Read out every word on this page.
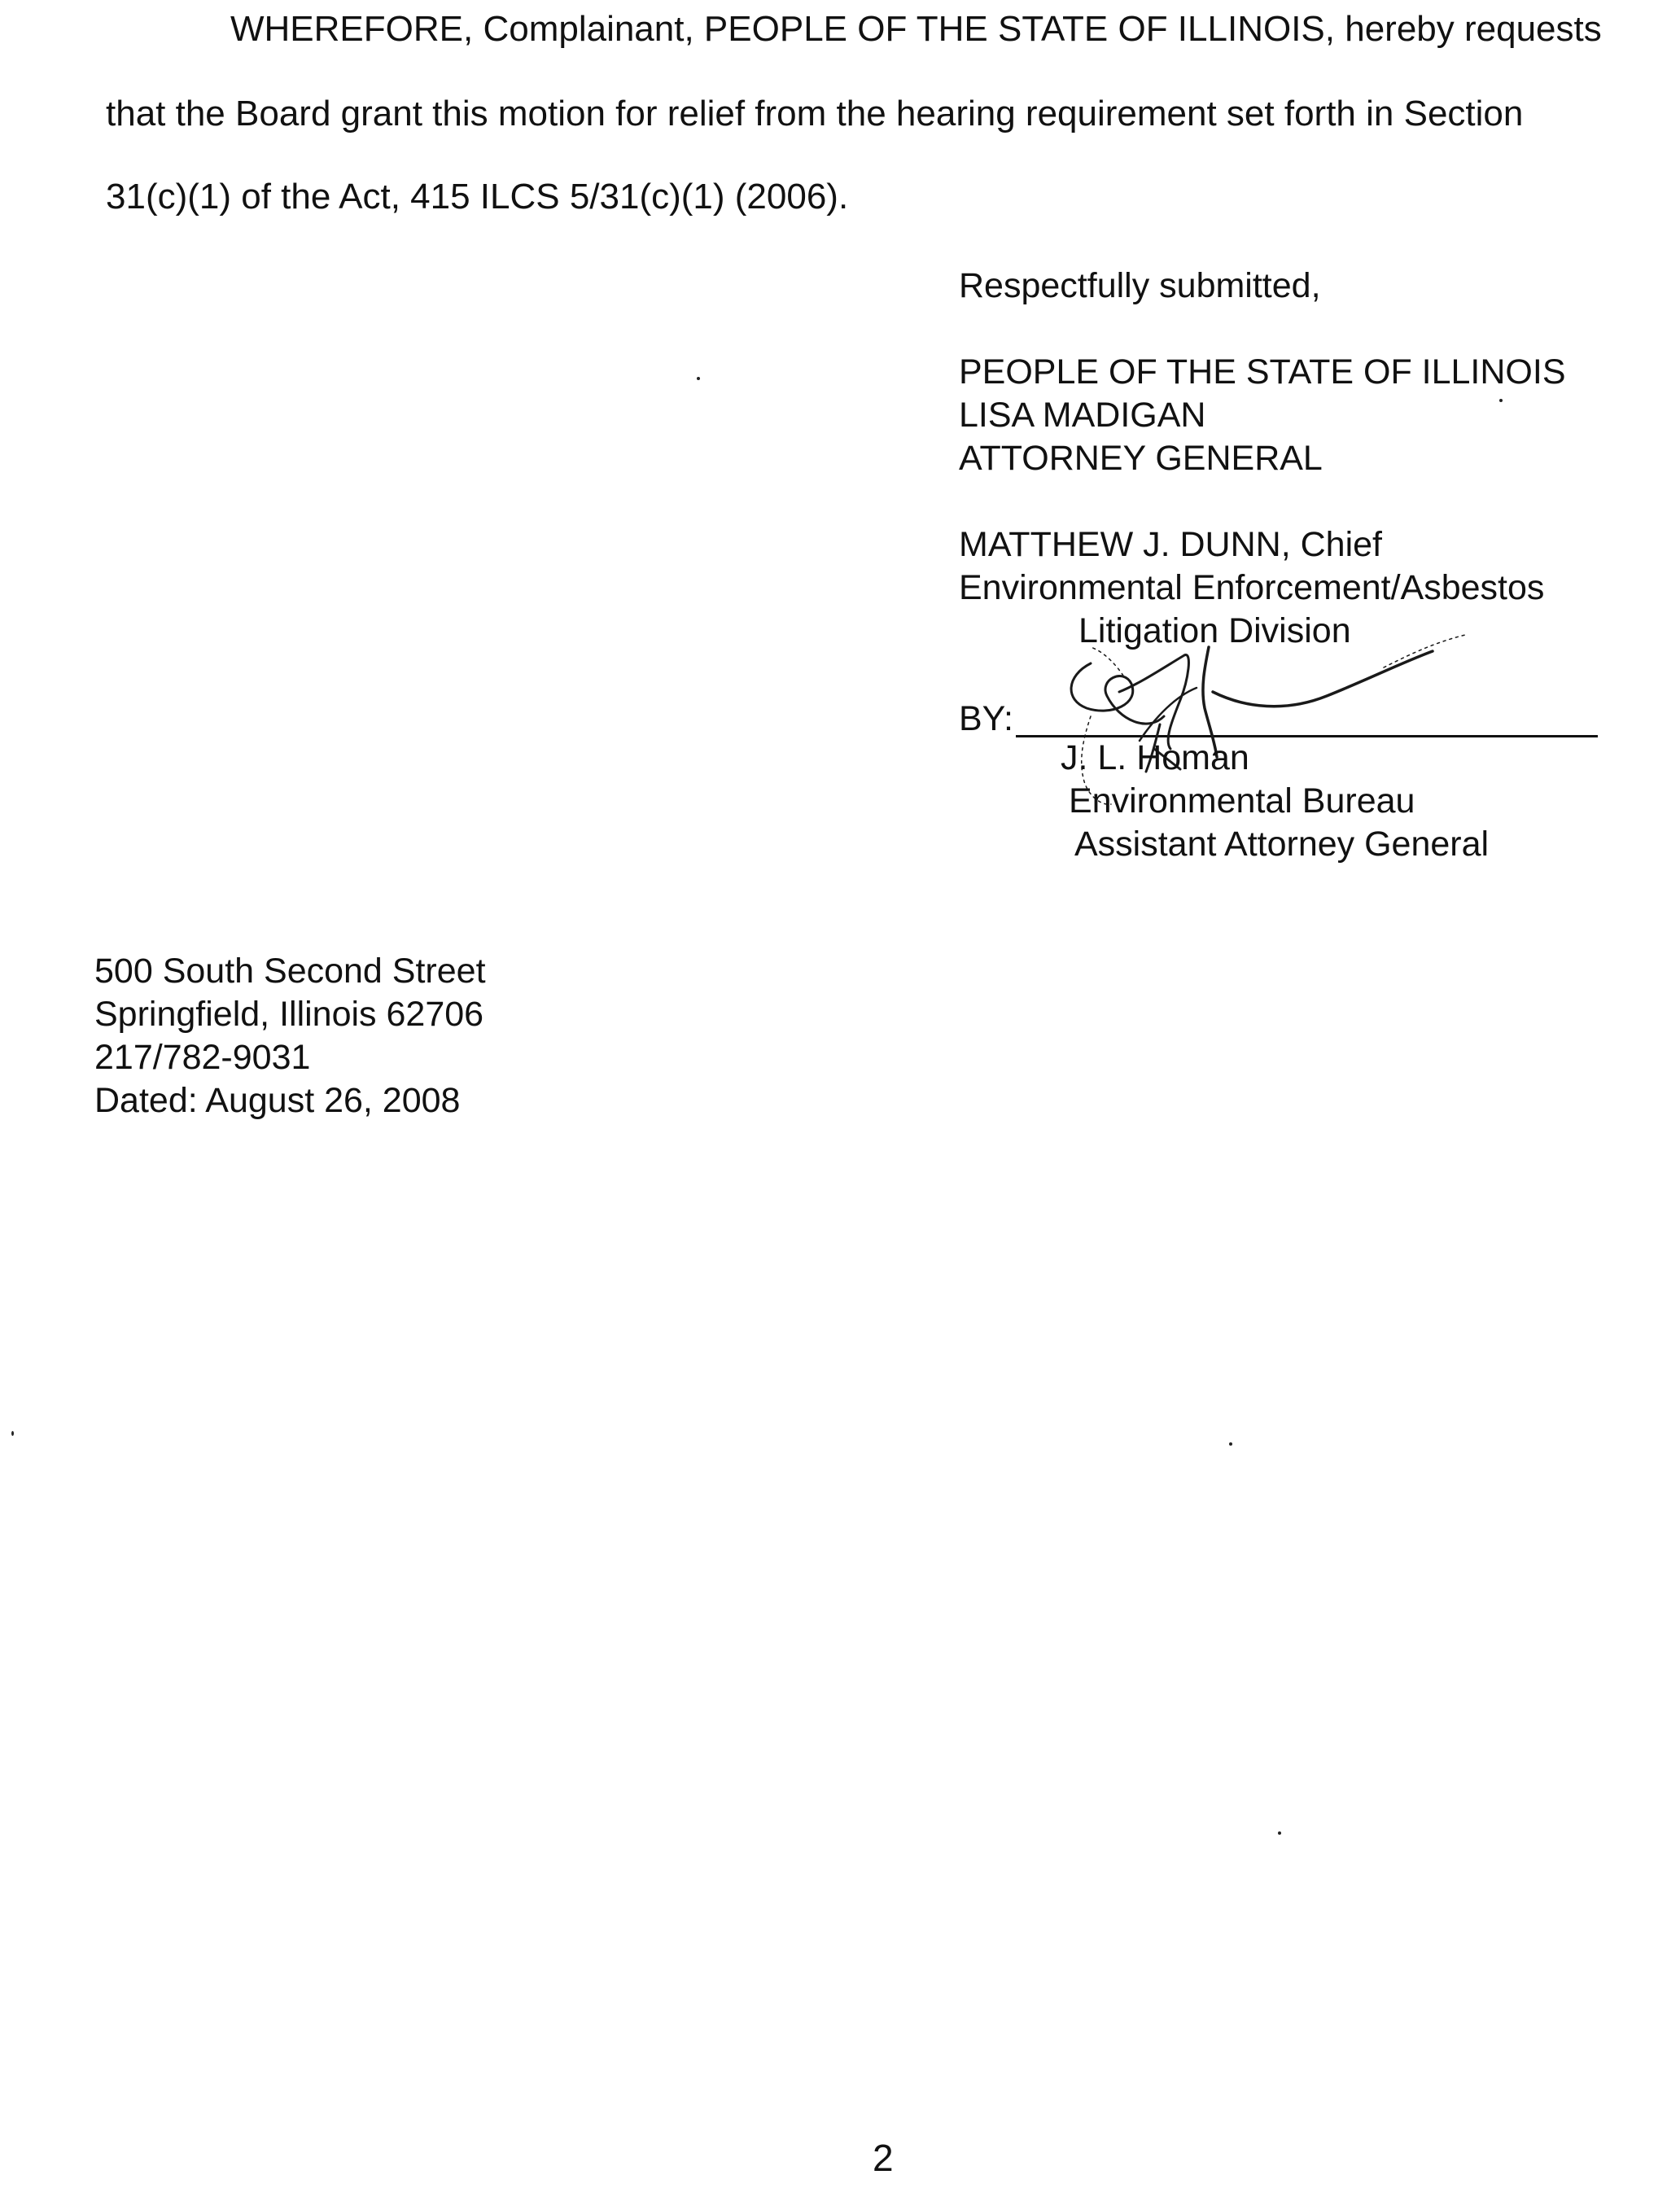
WHEREFORE, Complainant, PEOPLE OF THE STATE OF ILLINOIS, hereby requests
that the Board grant this motion for relief from the hearing requirement set forth in Section
31(c)(1) of the Act, 415 ILCS 5/31(c)(1) (2006).
Respectfully submitted,
PEOPLE OF THE STATE OF ILLINOIS
LISA MADIGAN
ATTORNEY GENERAL
MATTHEW J. DUNN, Chief
Environmental Enforcement/Asbestos
Litigation Division
BY:
J. L. Homan
Environmental Bureau
Assistant Attorney General
500 South Second Street
Springfield, Illinois 62706
217/782-9031
Dated: August 26, 2008
2
